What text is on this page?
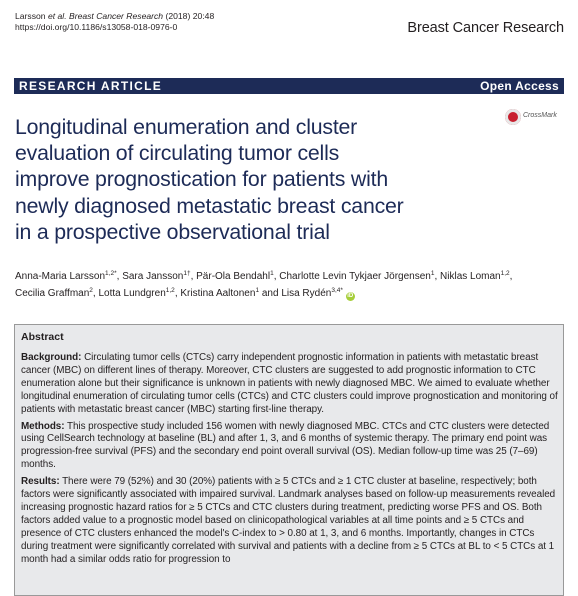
Larsson et al. Breast Cancer Research (2018) 20:48
https://doi.org/10.1186/s13058-018-0976-0	Breast Cancer Research
RESEARCH ARTICLE	Open Access
CrossMark
Longitudinal enumeration and cluster
evaluation of circulating tumor cells
improve prognostication for patients with
newly diagnosed metastatic breast cancer
in a prospective observational trial
Anna-Maria Larsson$^{1,2*}$, Sara Jansson$^{1\dagger}$, Pär-Ola Bendahl$^1$, Charlotte Levin Tykjaer Jörgensen$^1$, Niklas Loman$^{1,2}$,
Cecilia Graffman$^2$, Lotta Lundgren$^{1,2}$, Kristina Aaltonen$^1$ and Lisa Rydén$^{3,4*}$ iD
Abstract

Background: Circulating tumor cells (CTCs) carry independent prognostic information in patients with metastatic breast cancer (MBC) on different lines of therapy. Moreover, CTC clusters are suggested to add prognostic information to CTC enumeration alone but their significance is unknown in patients with newly diagnosed MBC. We aimed to evaluate whether longitudinal enumeration of circulating tumor cells (CTCs) and CTC clusters could improve prognostication and monitoring of patients with metastatic breast cancer (MBC) starting first-line therapy.

Methods: This prospective study included 156 women with newly diagnosed MBC. CTCs and CTC clusters were detected using CellSearch technology at baseline (BL) and after 1, 3, and 6 months of systemic therapy. The primary end point was progression-free survival (PFS) and the secondary end point overall survival (OS). Median follow-up time was 25 (7–69) months.

Results: There were 79 (52%) and 30 (20%) patients with ≥ 5 CTCs and ≥ 1 CTC cluster at baseline, respectively; both factors were significantly associated with impaired survival. Landmark analyses based on follow-up measurements revealed increasing prognostic hazard ratios for ≥ 5 CTCs and CTC clusters during treatment, predicting worse PFS and OS. Both factors added value to a prognostic model based on clinicopathological variables at all time points and ≥ 5 CTCs and presence of CTC clusters enhanced the model's C-index to > 0.80 at 1, 3, and 6 months. Importantly, changes in CTCs during treatment were significantly correlated with survival and patients with a decline from ≥ 5 CTCs at BL to < 5 CTCs at 1 month had a similar odds ratio for progression to
